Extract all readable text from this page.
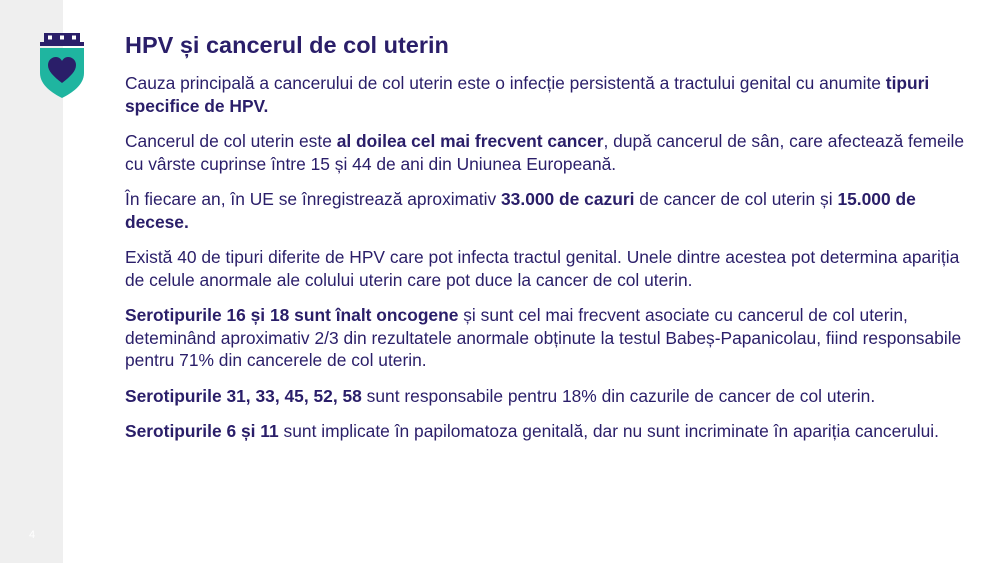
4
HPV și cancerul de col uterin

Cauza principală a cancerului de col uterin este o infecție persistentă a tractului genital cu anumite tipuri specifice de HPV.

Cancerul de col uterin este al doilea cel mai frecvent cancer, după cancerul de sân, care afectează femeile cu vârste cuprinse între 15 și 44 de ani din Uniunea Europeană.

În fiecare an, în UE se înregistrează aproximativ 33.000 de cazuri de cancer de col uterin și 15.000 de decese.

Există 40 de tipuri diferite de HPV care pot infecta tractul genital. Unele dintre acestea pot determina apariția de celule anormale ale colului uterin care pot duce la cancer de col uterin.

Serotipurile 16 și 18 sunt înalt oncogene și sunt cel mai frecvent asociate cu cancerul de col uterin, deteminând aproximativ 2/3 din rezultatele anormale obținute la testul Babeș-Papanicolau, fiind responsabile pentru 71% din cancerele de col uterin.

Serotipurile 31, 33, 45, 52, 58 sunt responsabile pentru 18% din cazurile de cancer de col uterin.

Serotipurile 6 și 11 sunt implicate în papilomatoza genitală, dar nu sunt incriminate în apariția cancerului.
